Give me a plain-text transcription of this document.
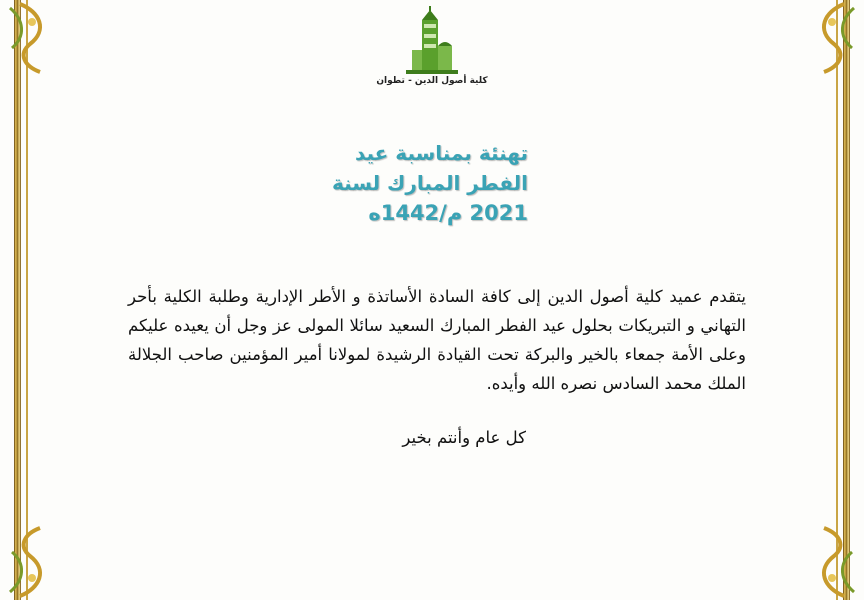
كلية أصول الدين - تطوان
تهنئة بمناسبة عيد
الفطر المبارك لسنة
2021 م/1442ه
يتقدم عميد كلية أصول الدين إلى كافة السادة الأساتذة و الأطر الإدارية وطلبة الكلية بأحر التهاني و التبريكات بحلول عيد الفطر المبارك السعيد سائلا المولى عز وجل أن يعيده عليكم وعلى الأمة جمعاء بالخير والبركة تحت القيادة الرشيدة لمولانا أمير المؤمنين صاحب الجلالة الملك محمد السادس نصره الله وأيده.
كل عام وأنتم بخير
